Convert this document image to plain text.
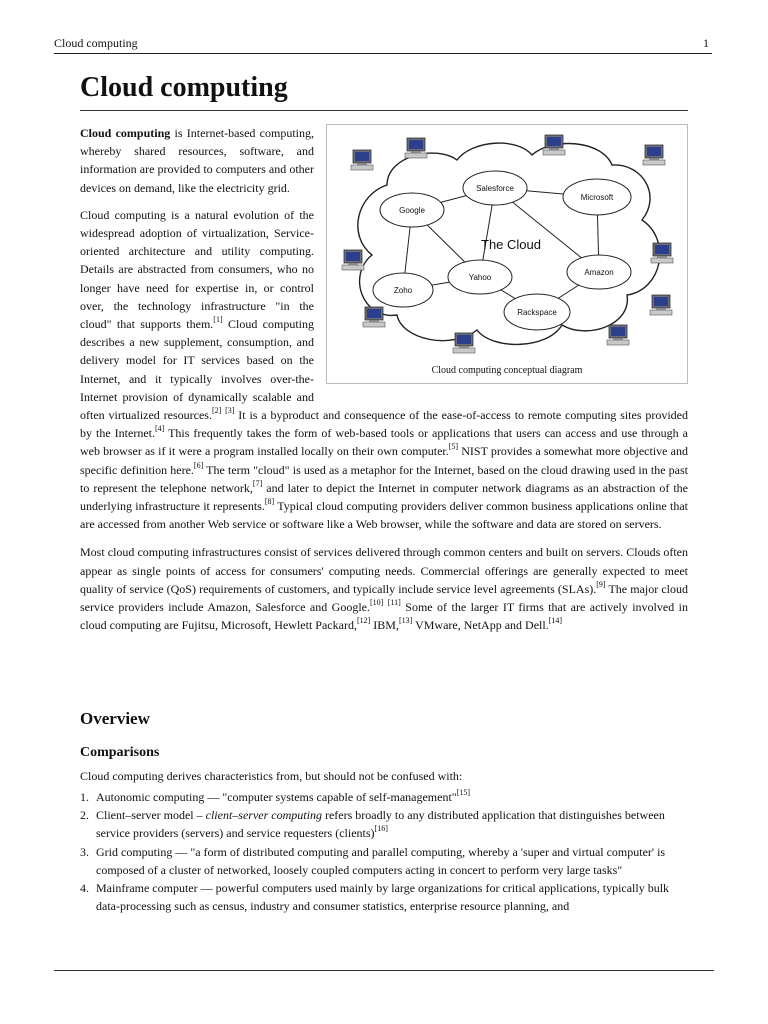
Cloud computing	1
Cloud computing
Salesforce
Microsoft
Google
Amazon
Yahoo
Zoho
Rackspace
The Cloud
Cloud computing conceptual diagram

Cloud computing is Internet-based computing, whereby shared resources, software, and information are provided to computers and other devices on demand, like the electricity grid.

Cloud computing is a natural evolution of the widespread adoption of virtualization, Service-oriented architecture and utility computing. Details are abstracted from consumers, who no longer have need for expertise in, or control over, the technology infrastructure "in the cloud" that supports them.[1] Cloud computing describes a new supplement, consumption, and delivery model for IT services based on the Internet, and it typically involves over-the-Internet provision of dynamically scalable and often virtualized resources.[2] [3] It is a byproduct and consequence of the ease-of-access to remote computing sites provided by the Internet.[4] This frequently takes the form of web-based tools or applications that users can access and use through a web browser as if it were a program installed locally on their own computer.[5] NIST provides a somewhat more objective and specific definition here.[6] The term "cloud" is used as a metaphor for the Internet, based on the cloud drawing used in the past to represent the telephone network,[7] and later to depict the Internet in computer network diagrams as an abstraction of the underlying infrastructure it represents.[8] Typical cloud computing providers deliver common business applications online that are accessed from another Web service or software like a Web browser, while the software and data are stored on servers.

Most cloud computing infrastructures consist of services delivered through common centers and built on servers. Clouds often appear as single points of access for consumers' computing needs. Commercial offerings are generally expected to meet quality of service (QoS) requirements of customers, and typically include service level agreements (SLAs).[9] The major cloud service providers include Amazon, Salesforce and Google.[10] [11] Some of the larger IT firms that are actively involved in cloud computing are Fujitsu, Microsoft, Hewlett Packard,[12] IBM,[13] VMware, NetApp and Dell.[14]

Overview
Comparisons
Cloud computing derives characteristics from, but should not be confused with:
1. Autonomic computing — "computer systems capable of self-management"[15]
2. Client–server model – client–server computing refers broadly to any distributed application that distinguishes between service providers (servers) and service requesters (clients)[16]
3. Grid computing — "a form of distributed computing and parallel computing, whereby a 'super and virtual computer' is composed of a cluster of networked, loosely coupled computers acting in concert to perform very large tasks"
4. Mainframe computer — powerful computers used mainly by large organizations for critical applications, typically bulk data-processing such as census, industry and consumer statistics, enterprise resource planning, and
